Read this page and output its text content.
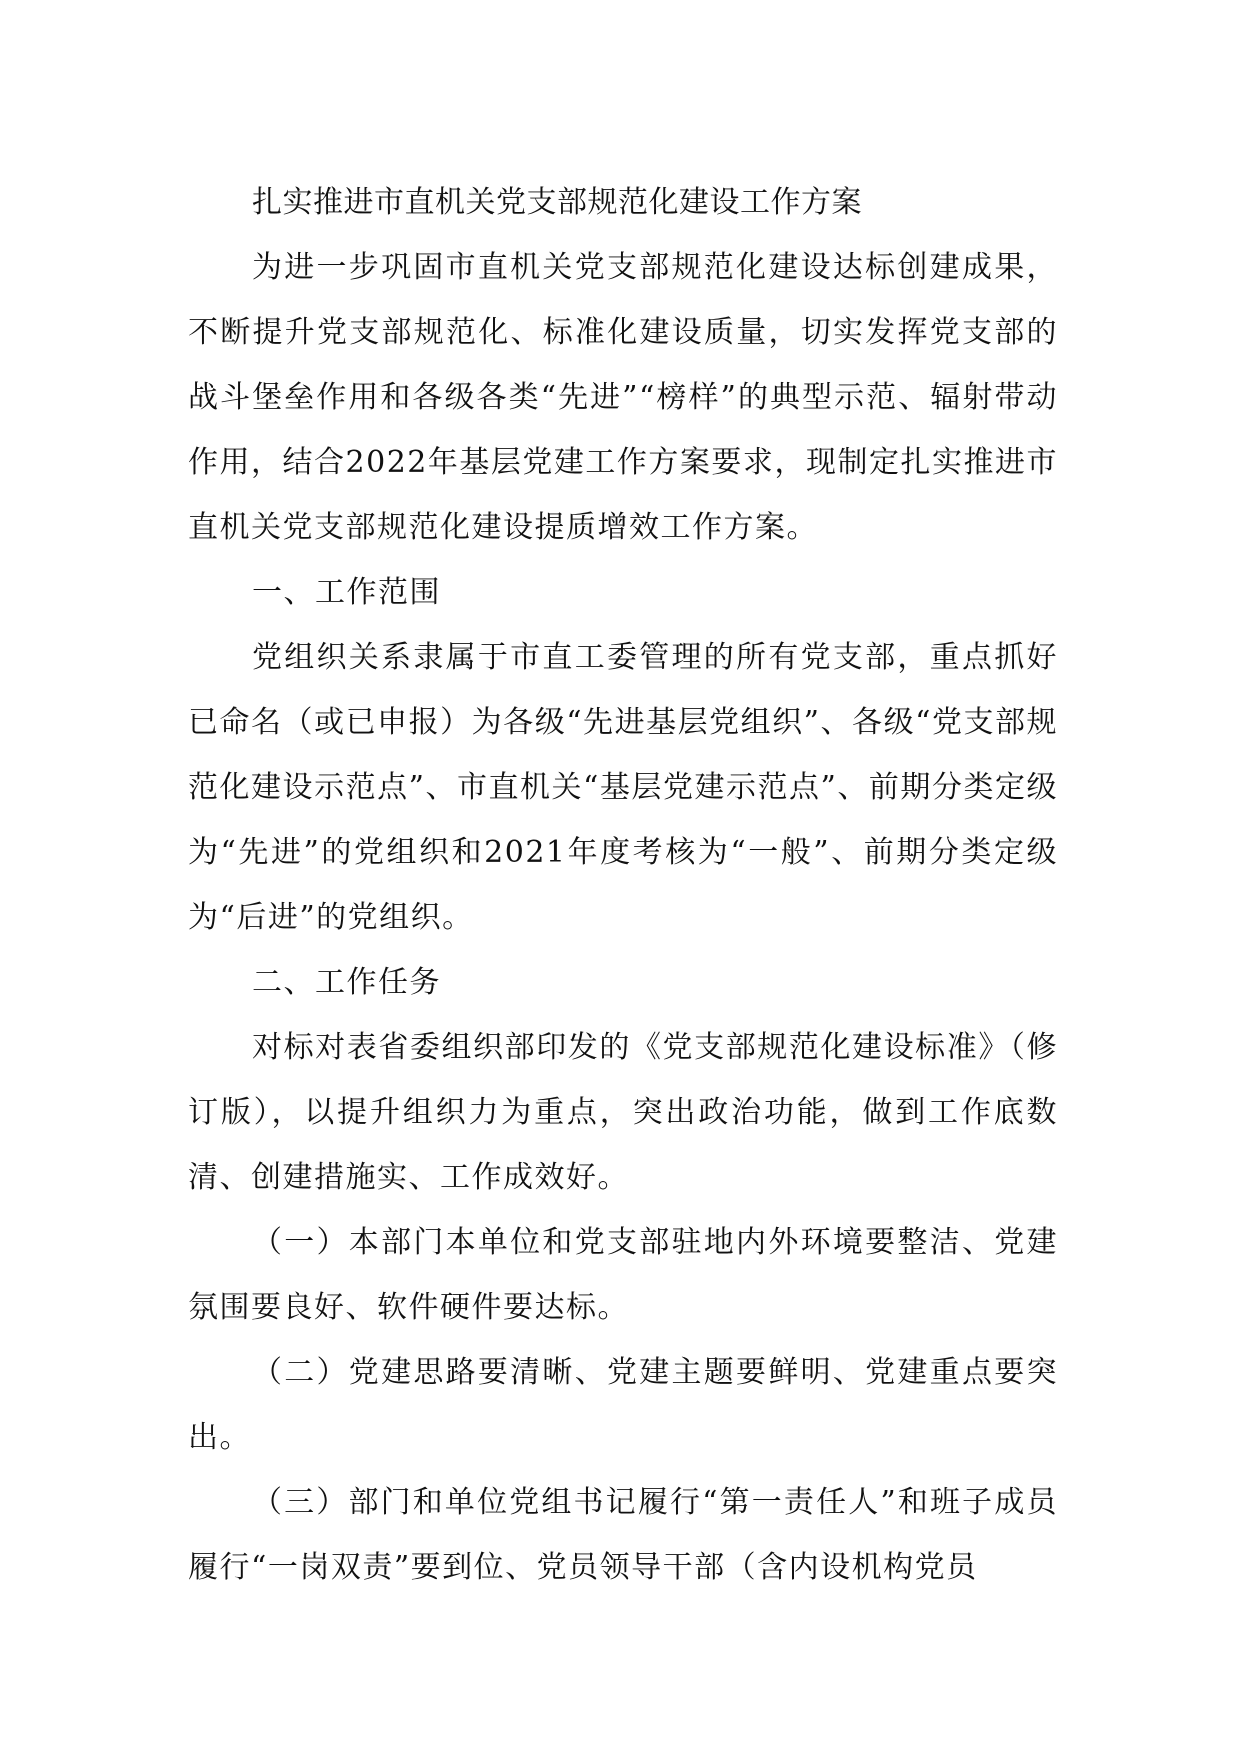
扎实推进市直机关党支部规范化建设工作方案

为进一步巩固市直机关党支部规范化建设达标创建成果，不断提升党支部规范化、标准化建设质量，切实发挥党支部的战斗堡垒作用和各级各类“先进”“榜样”的典型示范、辐射带动作用，结合2022年基层党建工作方案要求，现制定扎实推进市直机关党支部规范化建设提质增效工作方案。

一、工作范围

党组织关系隶属于市直工委管理的所有党支部，重点抓好已命名（或已申报）为各级“先进基层党组织”、各级“党支部规范化建设示范点”、市直机关“基层党建示范点”、前期分类定级为“先进”的党组织和2021年度考核为“一般”、前期分类定级为“后进”的党组织。

二、工作任务

对标对表省委组织部印发的《党支部规范化建设标准》（修订版），以提升组织力为重点，突出政治功能，做到工作底数清、创建措施实、工作成效好。

（一）本部门本单位和党支部驻地内外环境要整洁、党建氛围要良好、软件硬件要达标。

（二）党建思路要清晰、党建主题要鲜明、党建重点要突出。

（三）部门和单位党组书记履行“第一责任人”和班子成员履行“一岗双责”要到位、党员领导干部（含内设机构党员
